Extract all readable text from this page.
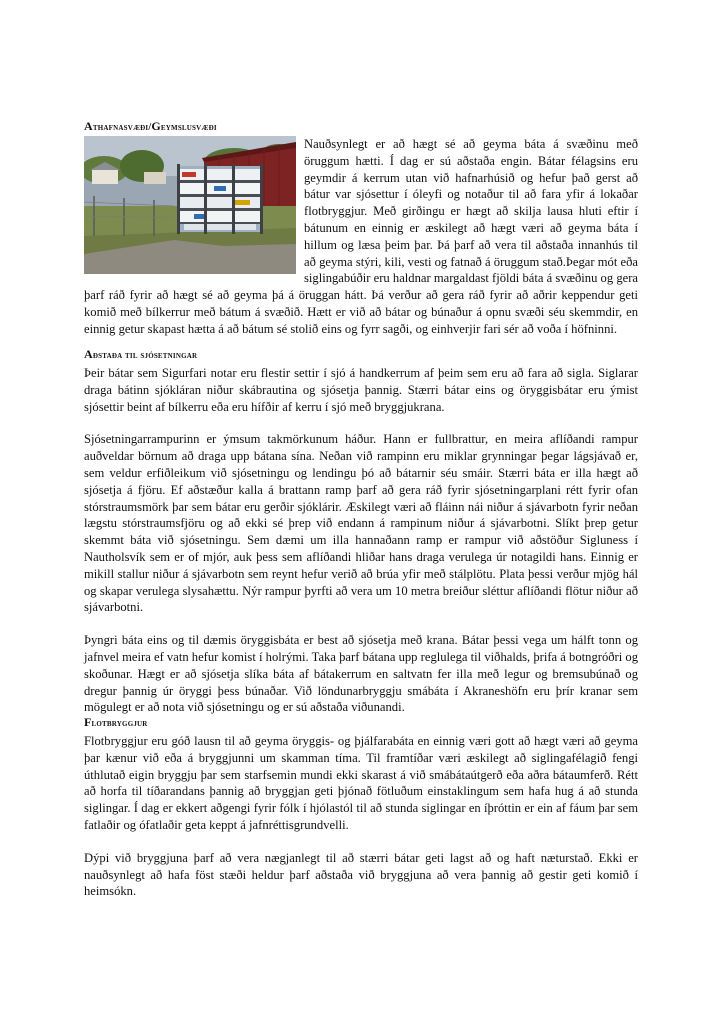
Athafnasvæði/Geymslusvæði

Nauðsynlegt er að hægt sé að geyma báta á svæðinu með öruggum hætti. Í dag er sú aðstaða engin. Bátar félagsins eru geymdir á kerrum utan við hafnarhúsið og hefur það gerst að bátur var sjósettur í óleyfi og notaður til að fara yfir á lokaðar flotbryggjur. Með girðingu er hægt að skilja lausa hluti eftir í bátunum en einnig er æskilegt að hægt væri að geyma báta í hillum og læsa þeim þar. Þá þarf að vera til aðstaða innanhús til að geyma stýri, kili, vesti og fatnað á öruggum stað.Þegar mót eða siglingabúðir eru haldnar margaldast fjöldi báta á svæðinu og gera þarf ráð fyrir að hægt sé að geyma þá á öruggan hátt. Þá verður að gera ráð fyrir að aðrir keppendur geti komið með bílkerrur með bátum á svæðið. Hætt er við að bátar og búnaður á opnu svæði séu skemmdir, en einnig getur skapast hætta á að bátum sé stolið eins og fyrr sagði, og einhverjir fari sér að voða í höfninni.

Aðstaða til sjósetningar

Þeir bátar sem Sigurfari notar eru flestir settir í sjó á handkerrum af þeim sem eru að fara að sigla. Siglarar draga bátinn sjókláran niður skábrautina og sjósetja þannig. Stærri bátar eins og öryggisbátar eru ýmist sjósettir beint af bílkerru eða eru hífðir af kerru í sjó með bryggjukrana.

Sjósetningarrampurinn er ýmsum takmörkunum háður. Hann er fullbrattur, en meira aflíðandi rampur auðveldar börnum að draga upp bátana sína. Neðan við rampinn eru miklar grynningar þegar lágsjávað er, sem veldur erfiðleikum við sjósetningu og lendingu þó að bátarnir séu smáir. Stærri báta er illa hægt að sjósetja á fjöru. Ef aðstæður kalla á brattann ramp þarf að gera ráð fyrir sjósetningarplani rétt fyrir ofan stórstraumsmörk þar sem bátar eru gerðir sjóklárir. Æskilegt væri að fláinn nái niður á sjávarbotn fyrir neðan lægstu stórstraumsfjöru og að ekki sé þrep við endann á rampinum niður á sjávarbotni. Slíkt þrep getur skemmt báta við sjósetningu. Sem dæmi um illa hannaðann ramp er rampur við aðstöður Sigluness í Nautholsvík sem er of mjór, auk þess sem aflíðandi hliðar hans draga verulega úr notagildi hans. Einnig er mikill stallur niður á sjávarbotn sem reynt hefur verið að brúa yfir með stálplötu. Plata þessi verður mjög hál og skapar verulega slysahættu. Nýr rampur þyrfti að vera um 10 metra breiður sléttur aflíðandi flötur niður að sjávarbotni.

Þyngri báta eins og til dæmis öryggisbáta er best að sjósetja með krana. Bátar þessi vega um hálft tonn og jafnvel meira ef vatn hefur komist í holrými. Taka þarf bátana upp reglulega til viðhalds, þrifa á botngróðri og skoðunar. Hægt er að sjósetja slíka báta af bátakerrum en saltvatn fer illa með legur og bremsubúnað og dregur þannig úr öryggi þess búnaðar. Við löndunarbryggju smábáta í Akraneshöfn eru þrír kranar sem mögulegt er að nota við sjósetningu og er sú aðstaða viðunandi.

Flotbryggjur

Flotbryggjur eru góð lausn til að geyma öryggis- og þjálfarabáta en einnig væri gott að hægt væri að geyma þar kænur við eða á bryggjunni um skamman tíma. Til framtíðar væri æskilegt að siglingafélagið fengi úthlutað eigin bryggju þar sem starfsemin mundi ekki skarast á við smábátaútgerð eða aðra bátaumferð. Rétt að horfa til tíðarandans þannig að bryggjan geti þjónað fötluðum einstaklingum sem hafa hug á að stunda siglingar. Í dag er ekkert aðgengi fyrir fólk í hjólastól til að stunda siglingar en íþróttin er ein af fáum þar sem fatlaðir og ófatlaðir geta keppt á jafnréttisgrundvelli.

Dýpi við bryggjuna þarf að vera nægjanlegt til að stærri bátar geti lagst að og haft næturstað. Ekki er nauðsynlegt að hafa föst stæði heldur þarf aðstaða við bryggjuna að vera þannig að gestir geti komið í heimsókn.
